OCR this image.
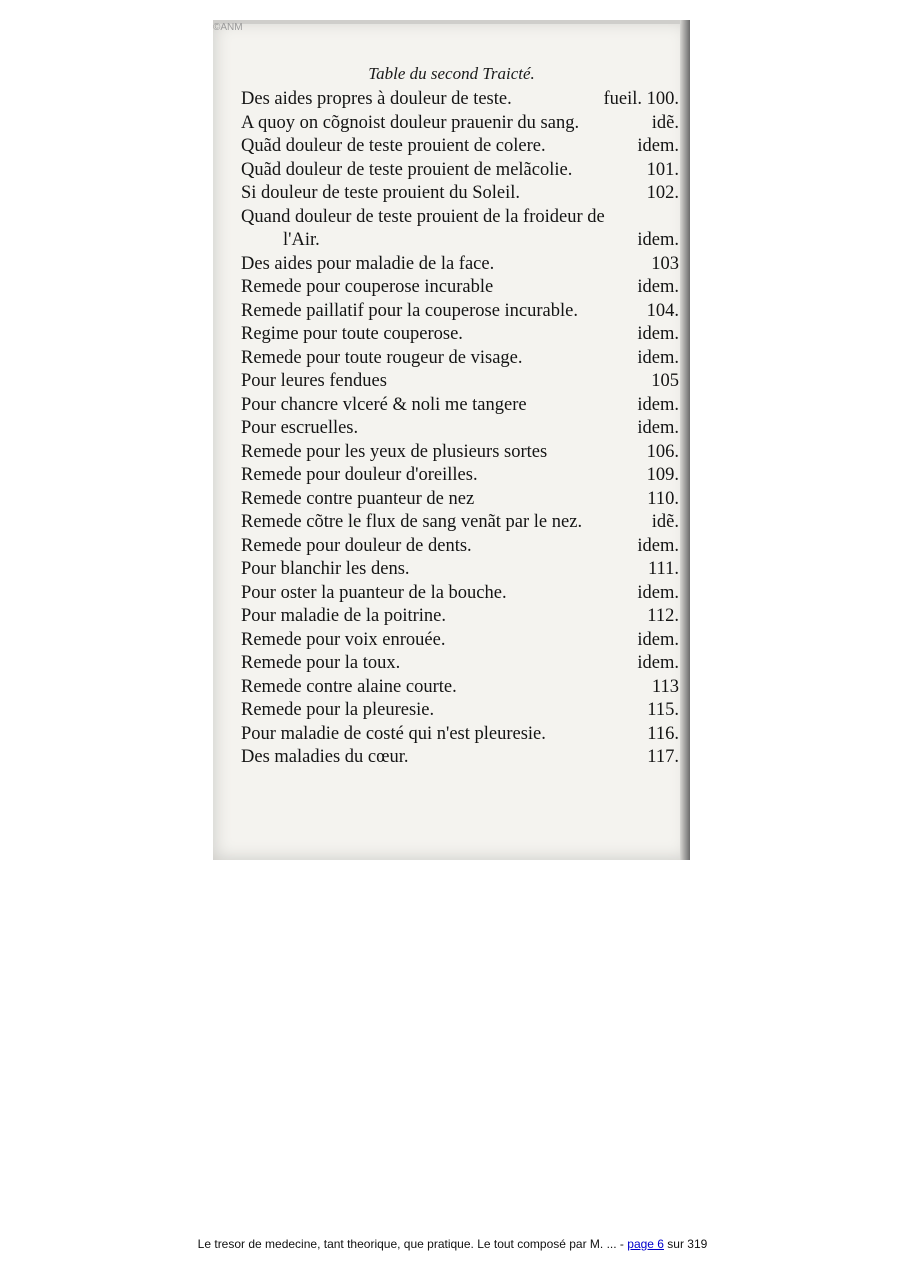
©ANM
Table du second Traicté.
Des aides propres à douleur de teste.	fueil. 100.
A quoy on cõgnoist douleur prauenir du sang.	idẽ.
Quãd douleur de teste prouient de colere.	idem.
Quãd douleur de teste prouient de melãcolie.	101.
Si douleur de teste prouient du Soleil.	102.
Quand douleur de teste prouient de la froideur de
l'Air.	idem.
Des aides pour maladie de la face.	103
Remede pour couperose incurable	idem.
Remede paillatif pour la couperose incurable.	104.
Regime pour toute couperose.	idem.
Remede pour toute rougeur de visage.	idem.
Pour leures fendues	105
Pour chancre vlceré & noli me tangere	idem.
Pour escruelles.	idem.
Remede pour les yeux de plusieurs sortes	106.
Remede pour douleur d'oreilles.	109.
Remede contre puanteur de nez	110.
Remede cõtre le flux de sang venãt par le nez.	idẽ.
Remede pour douleur de dents.	idem.
Pour blanchir les dens.	111.
Pour oster la puanteur de la bouche.	idem.
Pour maladie de la poitrine.	112.
Remede pour voix enrouée.	idem.
Remede pour la toux.	idem.
Remede contre alaine courte.	113
Remede pour la pleuresie.	115.
Pour maladie de costé qui n'est pleuresie.	116.
Des maladies du cœur.	117.
Le tresor de medecine, tant theorique, que pratique. Le tout composé par M. ... - page 6 sur 319
